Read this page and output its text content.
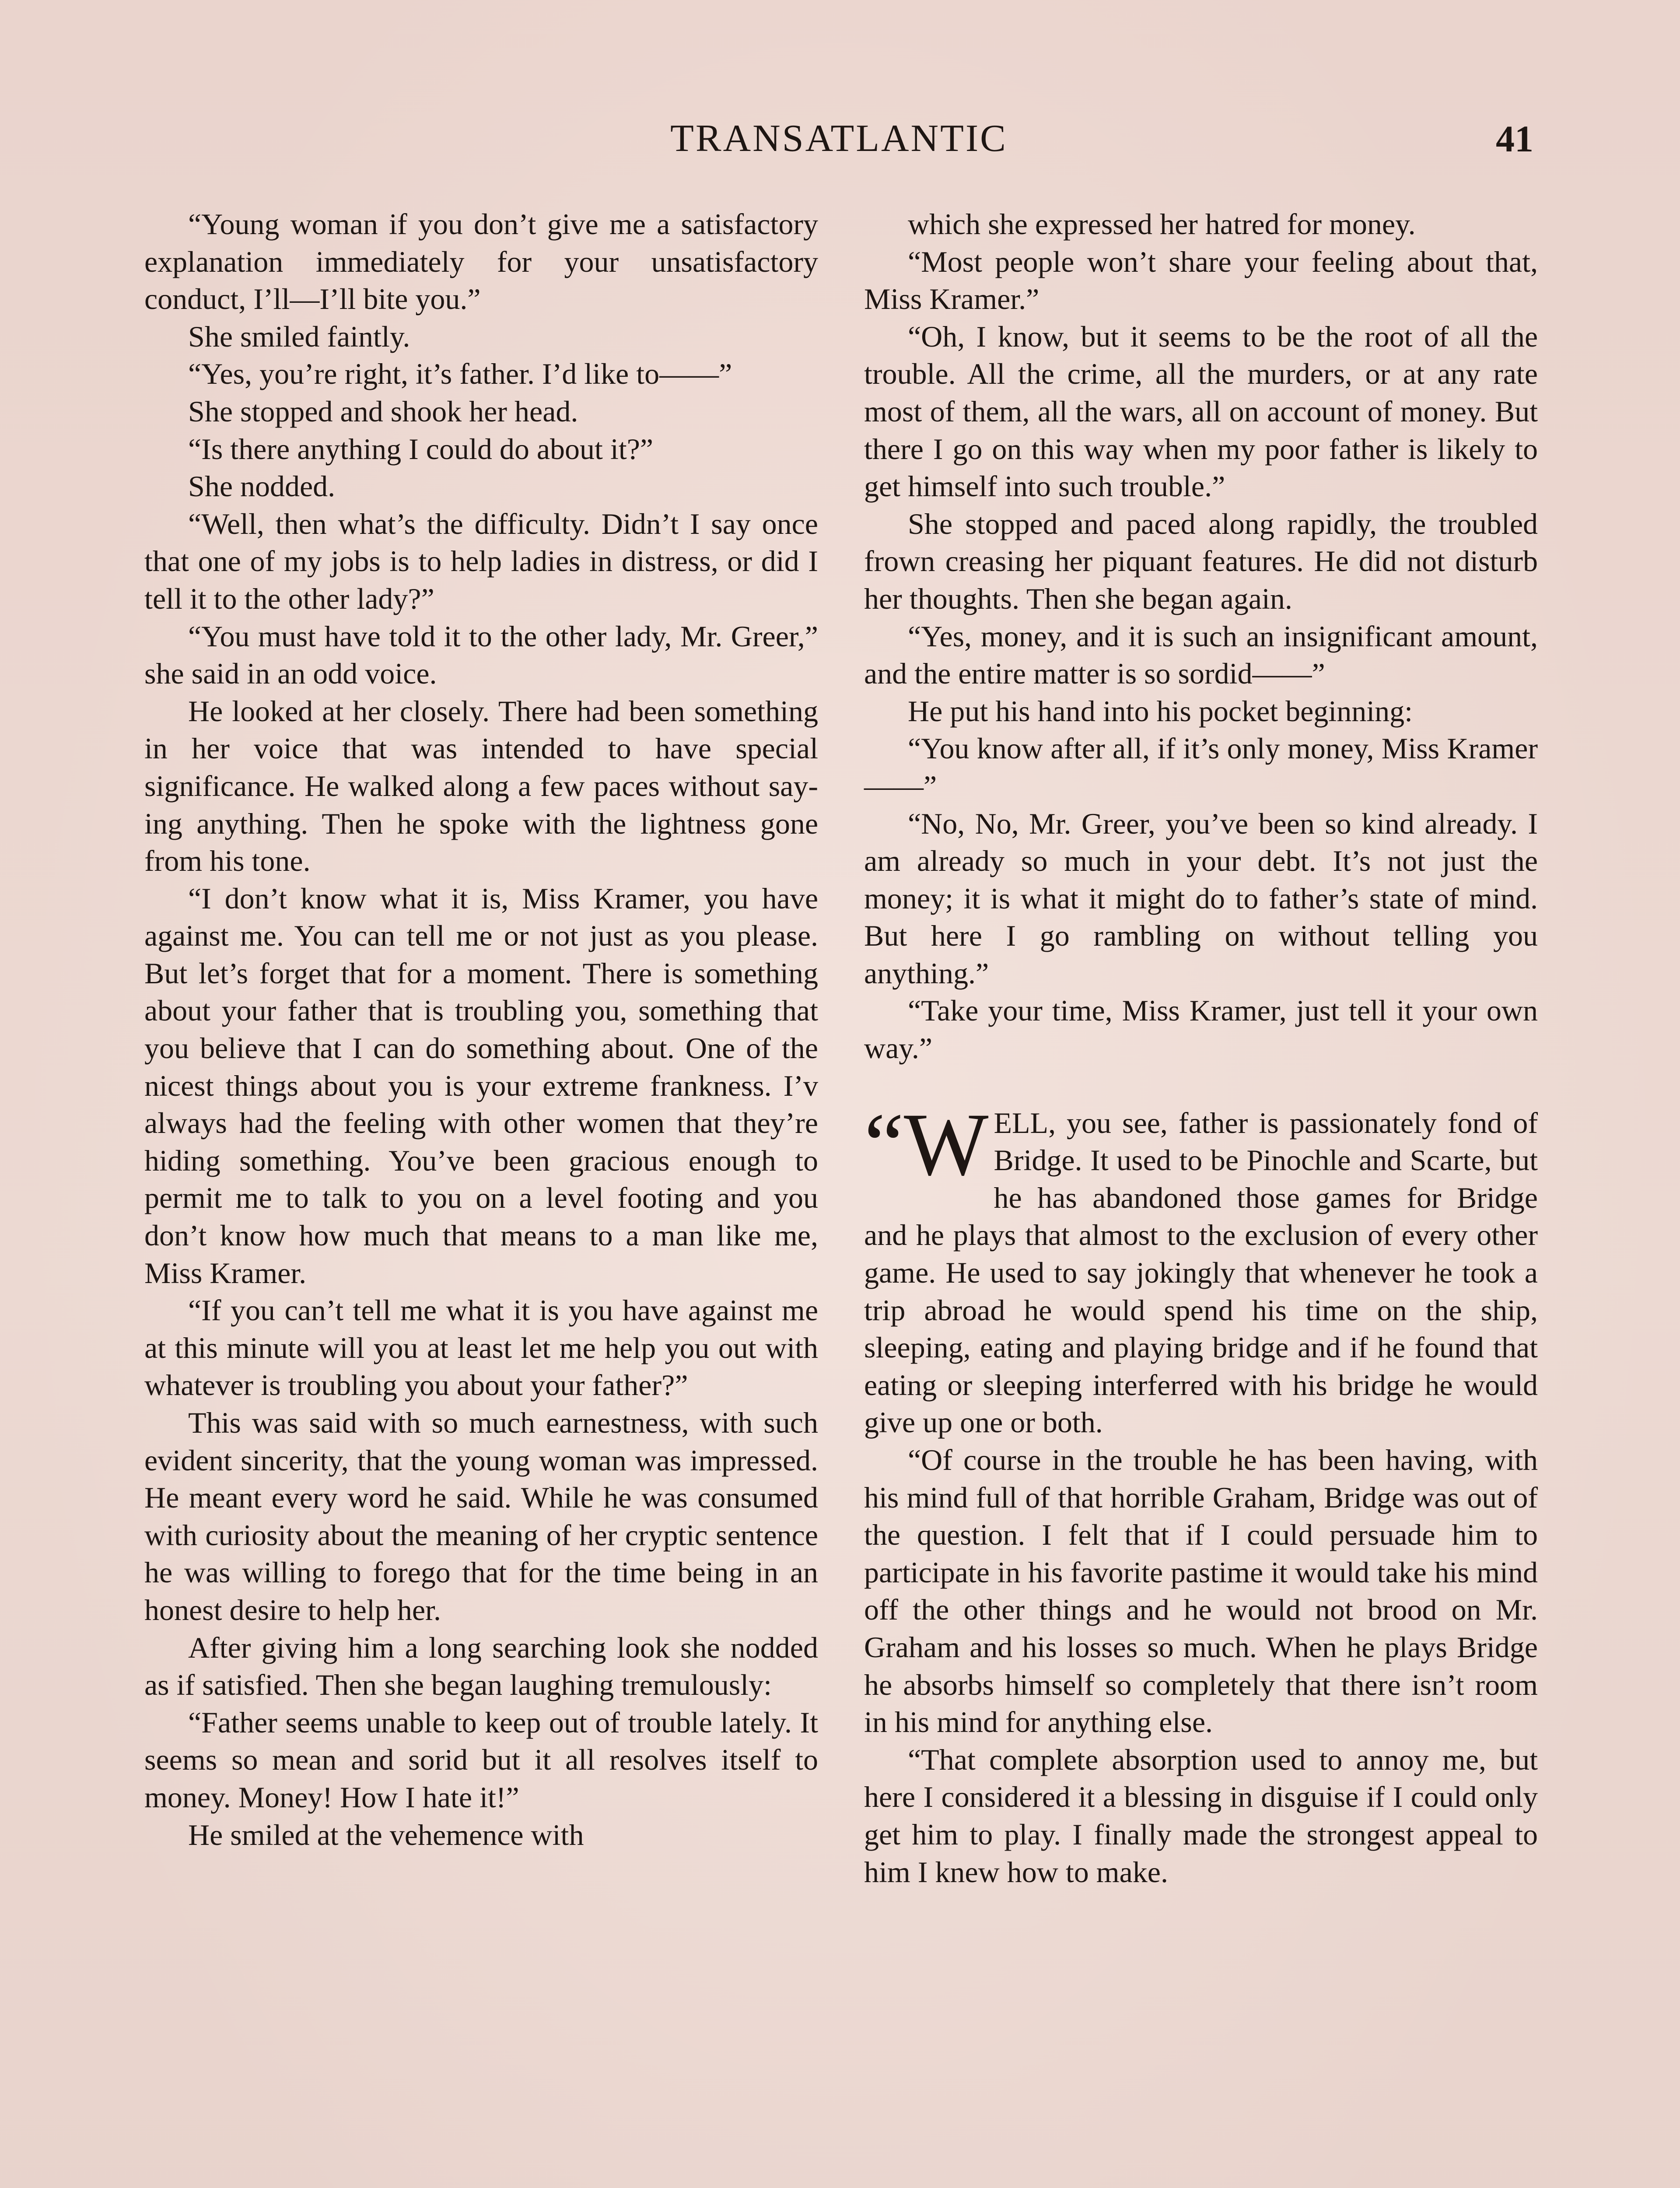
TRANSATLANTIC	41

“Young woman if you don’t give me a satisfactory explanation immediately for your unsatisfactory conduct, I’ll—I’ll bite you.”

She smiled faintly.

“Yes, you’re right, it’s father. I’d like to——”

She stopped and shook her head.

“Is there anything I could do about it?”

She nodded.

“Well, then what’s the difficulty. Didn’t I say once that one of my jobs is to help ladies in distress, or did I tell it to the other lady?”

“You must have told it to the other lady, Mr. Greer,” she said in an odd voice.

He looked at her closely. There had been something in her voice that was intended to have special significance. He walked along a few paces without saying anything. Then he spoke with the lightness gone from his tone.

“I don’t know what it is, Miss Kramer, you have against me. You can tell me or not just as you please. But let’s forget that for a moment. There is something about your father that is troubling you, something that you believe that I can do something about. One of the nicest things about you is your extreme frankness. I’v always had the feeling with other women that they’re hiding something. You’ve been gracious enough to permit me to talk to you on a level footing and you don’t know how much that means to a man like me, Miss Kramer.

“If you can’t tell me what it is you have against me at this minute will you at least let me help you out with whatever is troubling you about your father?”

This was said with so much earnestness, with such evident sincerity, that the young woman was impressed. He meant every word he said. While he was consumed with curiosity about the meaning of her cryptic sentence he was willing to forego that for the time being in an honest desire to help her.

After giving him a long searching look she nodded as if satisfied. Then she began laughing tremulously:

“Father seems unable to keep out of trouble lately. It seems so mean and sorid but it all resolves itself to money. Money! How I hate it!”

He smiled at the vehemence with

which she expressed her hatred for money.

“Most people won’t share your feeling about that, Miss Kramer.”

“Oh, I know, but it seems to be the root of all the trouble. All the crime, all the murders, or at any rate most of them, all the wars, all on account of money. But there I go on this way when my poor father is likely to get himself into such trouble.”

She stopped and paced along rapidly, the troubled frown creasing her piquant features. He did not disturb her thoughts. Then she began again.

“Yes, money, and it is such an insignificant amount, and the entire matter is so sordid——”

He put his hand into his pocket beginning:

“You know after all, if it’s only money, Miss Kramer——”

“No, No, Mr. Greer, you’ve been so kind already. I am already so much in your debt. It’s not just the money; it is what it might do to father’s state of mind. But here I go rambling on without telling you anything.”

“Take your time, Miss Kramer, just tell it your own way.”

“WELL, you see, father is passionately fond of Bridge. It used to be Pinochle and Scarte, but he has abandoned those games for Bridge and he plays that almost to the exclusion of every other game. He used to say jokingly that whenever he took a trip abroad he would spend his time on the ship, sleeping, eating and playing bridge and if he found that eating or sleeping interferred with his bridge he would give up one or both.

“Of course in the trouble he has been having, with his mind full of that horrible Graham, Bridge was out of the question. I felt that if I could persuade him to participate in his favorite pastime it would take his mind off the other things and he would not brood on Mr. Graham and his losses so much. When he plays Bridge he absorbs himself so completely that there isn’t room in his mind for anything else.

“That complete absorption used to annoy me, but here I considered it a blessing in disguise if I could only get him to play. I finally made the strongest appeal to him I knew how to make.
